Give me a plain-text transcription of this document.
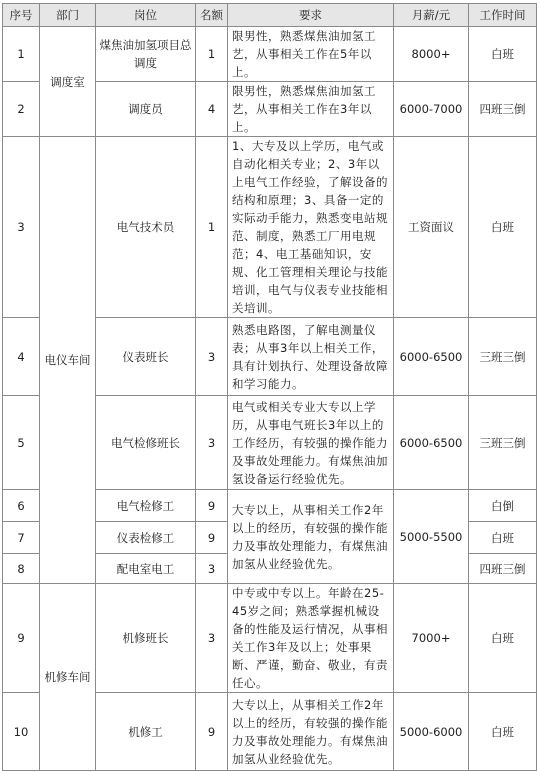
序号	部门	岗位	名额	要求	月薪/元	工作时间
1	调度室	煤焦油加氢项目总调度	1	限男性，熟悉煤焦油加氢工艺，从事相关工作在5年以上。	8000+	白班
2		调度员	4	限男性，熟悉煤焦油加氢工艺，从事相关工作在3年以上。	6000-7000	四班三倒
3	电仪车间	电气技术员	1	1、大专及以上学历，电气或自动化相关专业；2、3年以上电气工作经验，了解设备的结构和原理；3、具备一定的实际动手能力，熟悉变电站规范、制度，熟悉工厂用电规范；4、电工基础知识，安规、化工管理相关理论与技能培训，电气与仪表专业技能相关培训。	工资面议	白班
4		仪表班长	3	熟悉电路图，了解电测量仪表；从事3年以上相关工作，具有计划执行、处理设备故障和学习能力。	6000-6500	三班三倒
5		电气检修班长	3	电气或相关专业大专以上学历，从事电气班长3年以上的工作经历，有较强的操作能力及事故处理能力。有煤焦油加氢设备运行经验优先。	6000-6500	三班三倒
6		电气检修工	9	大专以上，从事相关工作2年以上的经历，有较强的操作能力及事故处理能力，有煤焦油加氢从业经验优先。	5000-5500	白倒
7		仪表检修工	9			白班
8		配电室电工	3			四班三倒
9	机修车间	机修班长	3	中专或中专以上。年龄在25-45岁之间；熟悉掌握机械设备的性能及运行情况，从事相关工作3年及以上；处事果断、严谨，勤奋、敬业，有责任心。	7000+	白班
10		机修工	9	大专以上，从事相关工作2年以上的经历，有较强的操作能力及事故处理能力。有煤焦油加氢从业经验优先。	5000-6000	白班
